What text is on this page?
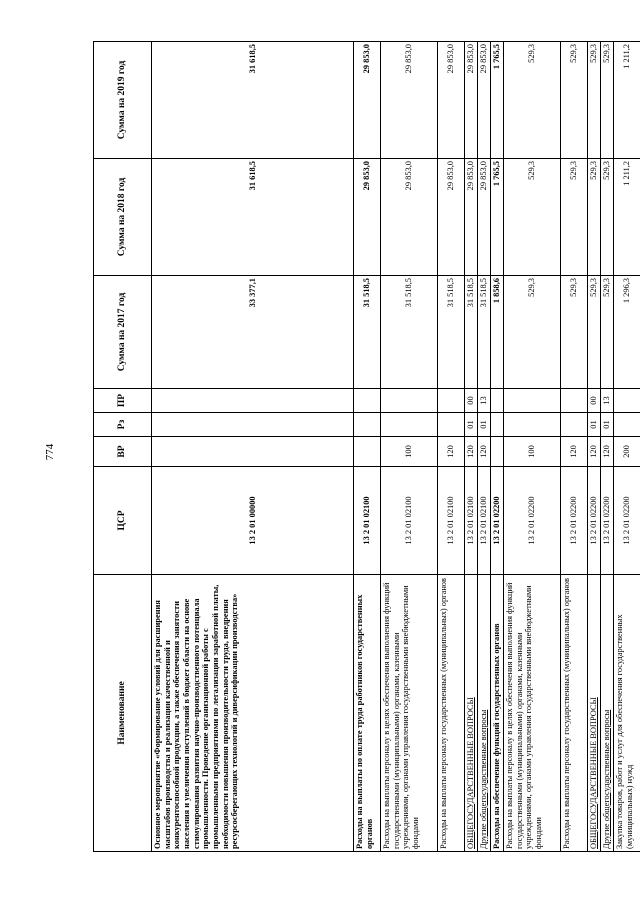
774
Наименование	ЦСР	ВР	Рз	ПР	Сумма на 2017 год	Сумма на 2018 год	Сумма на 2019 год
Основное мероприятие «Формирование условий для расширения масштабов производства и реализации качественной и конкурентоспособной продукции, а также обеспечения занятости населения и увеличения поступлений в бюджет области на основе стимулирования развития научно-производственного потенциала промышленности. Проведение организационной работы с промышленными предприятиями по легализации заработной платы, необходимости повышения производительности труда, внедрения ресурсосберегающих технологий и диверсификации производства»	13 2 01 00000				33 377,1	31 618,5	31 618,5
Расходы на выплаты по оплате труда работников государственных органов	13 2 01 02100				31 518,5	29 853,0	29 853,0
Расходы на выплаты персоналу в целях обеспечения выполнения функций государственными (муниципальными) органами, казенными учреждениями, органами управления государственными внебюджетными фондами	13 2 01 02100	100			31 518,5	29 853,0	29 853,0
Расходы на выплаты персоналу государственных (муниципальных) органов	13 2 01 02100	120			31 518,5	29 853,0	29 853,0
ОБЩЕГОСУДАРСТВЕННЫЕ ВОПРОСЫ	13 2 01 02100	120	01	00	31 518,5	29 853,0	29 853,0
Другие общегосударственные вопросы	13 2 01 02100	120	01	13	31 518,5	29 853,0	29 853,0
Расходы на обеспечение функций государственных органов	13 2 01 02200				1 858,6	1 765,5	1 765,5
Расходы на выплаты персоналу в целях обеспечения выполнения функций государственными (муниципальными) органами, казенными учреждениями, органами управления государственными внебюджетными фондами	13 2 01 02200	100			529,3	529,3	529,3
Расходы на выплаты персоналу государственных (муниципальных) органов	13 2 01 02200	120			529,3	529,3	529,3
ОБЩЕГОСУДАРСТВЕННЫЕ ВОПРОСЫ	13 2 01 02200	120	01	00	529,3	529,3	529,3
Другие общегосударственные вопросы	13 2 01 02200	120	01	13	529,3	529,3	529,3
Закупка товаров, работ и услуг для обеспечения государственных (муниципальных) нужд	13 2 01 02200	200			1 296,3	1 211,2	1 211,2
